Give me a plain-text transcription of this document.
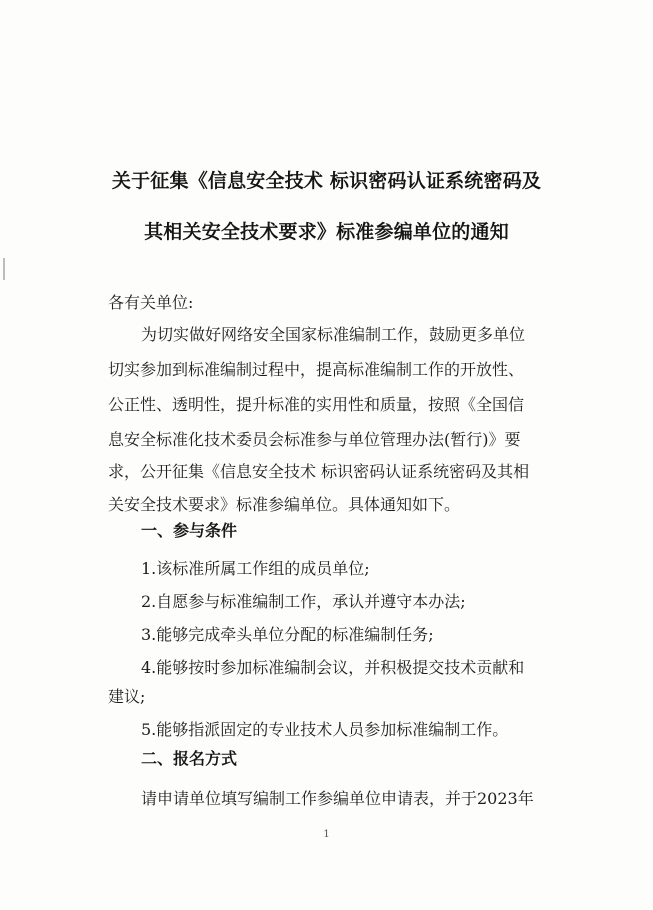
关于征集《信息安全技术 标识密码认证系统密码及
其相关安全技术要求》标准参编单位的通知
各有关单位:
为切实做好网络安全国家标准编制工作，鼓励更多单位
切实参加到标准编制过程中，提高标准编制工作的开放性、
公正性、透明性，提升标准的实用性和质量，按照《全国信
息安全标准化技术委员会标准参与单位管理办法(暂行)》要
求，公开征集《信息安全技术 标识密码认证系统密码及其相
关安全技术要求》标准参编单位。具体通知如下。
一、参与条件
1.该标准所属工作组的成员单位;
2.自愿参与标准编制工作，承认并遵守本办法;
3.能够完成牵头单位分配的标准编制任务;
4.能够按时参加标准编制会议，并积极提交技术贡献和
建议;
5.能够指派固定的专业技术人员参加标准编制工作。
二、报名方式
请申请单位填写编制工作参编单位申请表，并于2023年
1
